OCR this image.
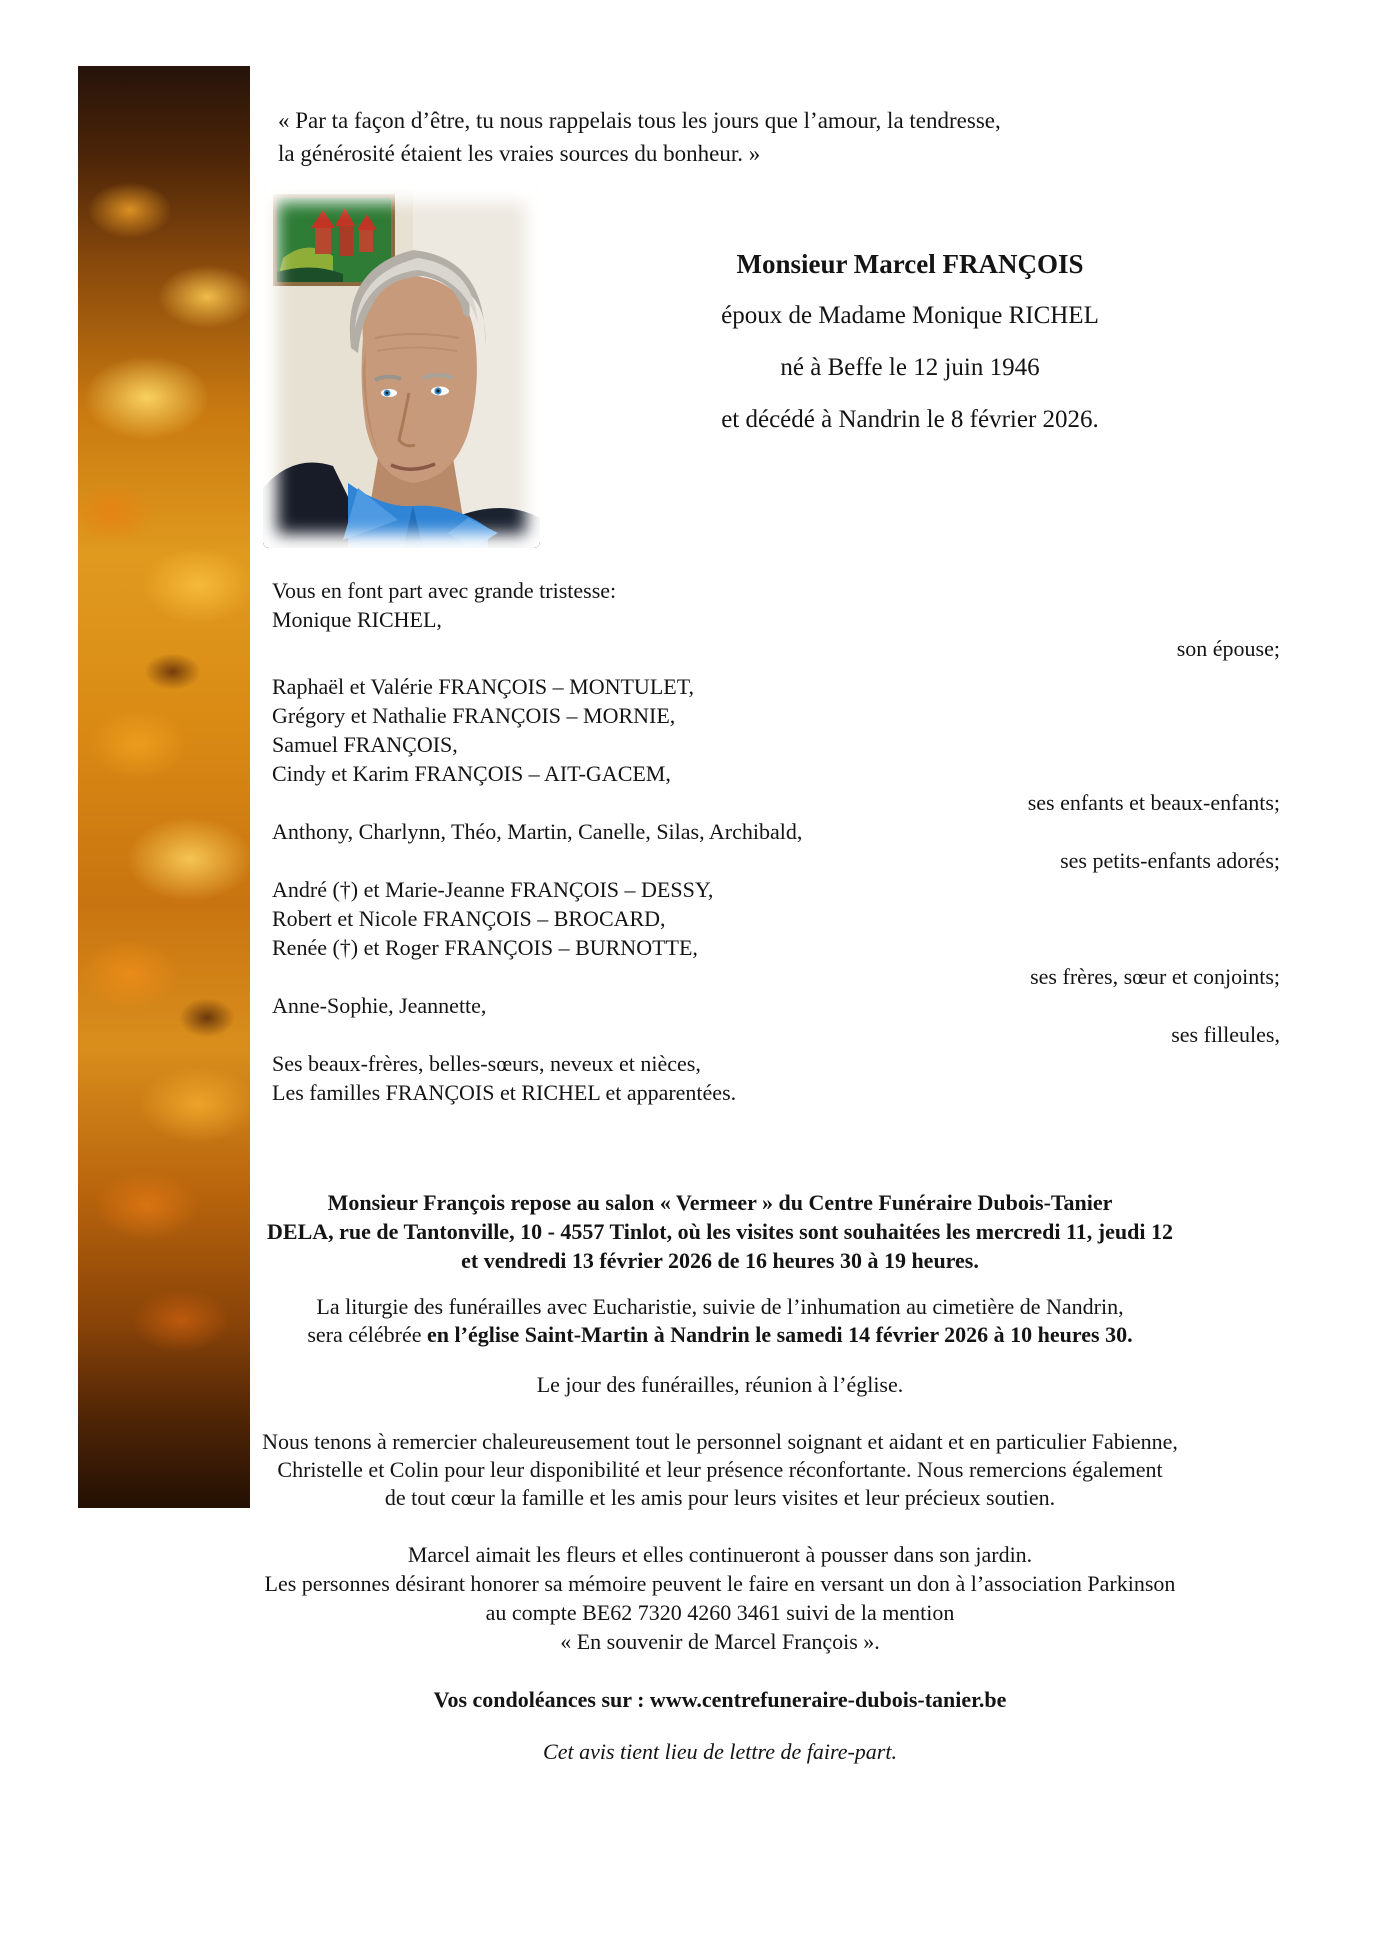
« Par ta façon d’être, tu nous rappelais tous les jours que l’amour, la tendresse,
la générosité étaient les vraies sources du bonheur. »
Monsieur Marcel FRANÇOIS
époux de Madame Monique RICHEL
né à Beffe le 12 juin 1946
et décédé à Nandrin le 8 février 2026.
Vous en font part avec grande tristesse:
Monique RICHEL,
son épouse;
Raphaël et Valérie FRANÇOIS – MONTULET,
Grégory et Nathalie FRANÇOIS – MORNIE,
Samuel FRANÇOIS,
Cindy et Karim FRANÇOIS – AIT-GACEM,
ses enfants et beaux-enfants;
Anthony, Charlynn, Théo, Martin, Canelle, Silas, Archibald,
ses petits-enfants adorés;
André (†) et Marie-Jeanne FRANÇOIS – DESSY,
Robert et Nicole FRANÇOIS – BROCARD,
Renée (†) et Roger FRANÇOIS – BURNOTTE,
ses frères, sœur et conjoints;
Anne-Sophie, Jeannette,
ses filleules,
Ses beaux-frères, belles-sœurs, neveux et nièces,
Les familles FRANÇOIS et RICHEL et apparentées.
Monsieur François repose au salon « Vermeer » du Centre Funéraire Dubois-Tanier
DELA, rue de Tantonville, 10 - 4557 Tinlot, où les visites sont souhaitées les mercredi 11, jeudi 12
et vendredi 13 février 2026 de 16 heures 30 à 19 heures.
La liturgie des funérailles avec Eucharistie, suivie de l’inhumation au cimetière de Nandrin,
sera célébrée en l’église Saint-Martin à Nandrin le samedi 14 février 2026 à 10 heures 30.
Le jour des funérailles, réunion à l’église.
Nous tenons à remercier chaleureusement tout le personnel soignant et aidant et en particulier Fabienne,
Christelle et Colin pour leur disponibilité et leur présence réconfortante. Nous remercions également
de tout cœur la famille et les amis pour leurs visites et leur précieux soutien.
Marcel aimait les fleurs et elles continueront à pousser dans son jardin.
Les personnes désirant honorer sa mémoire peuvent le faire en versant un don à l’association Parkinson
au compte BE62 7320 4260 3461 suivi de la mention
« En souvenir de Marcel François ».
Vos condoléances sur : www.centrefuneraire-dubois-tanier.be
Cet avis tient lieu de lettre de faire-part.
